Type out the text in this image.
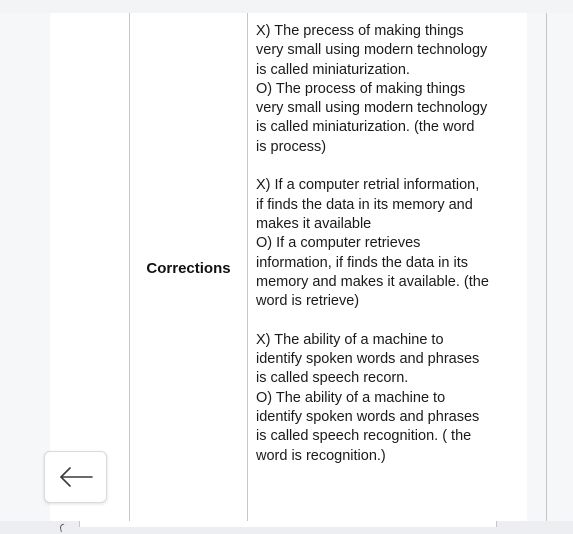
Corrections
X) The precess of making things
very small using modern technology
is called miniaturization.
O) The process of making things
very small using modern technology
is called miniaturization. (the word
is process)
X) If a computer retrial information,
if finds the data in its memory and
makes it available
O) If a computer retrieves
information, if finds the data in its
memory and makes it available. (the
word is retrieve)
X) The ability of a machine to
identify spoken words and phrases
is called speech recorn.
O) The ability of a machine to
identify spoken words and phrases
is called speech recognition. ( the
word is recognition.)
